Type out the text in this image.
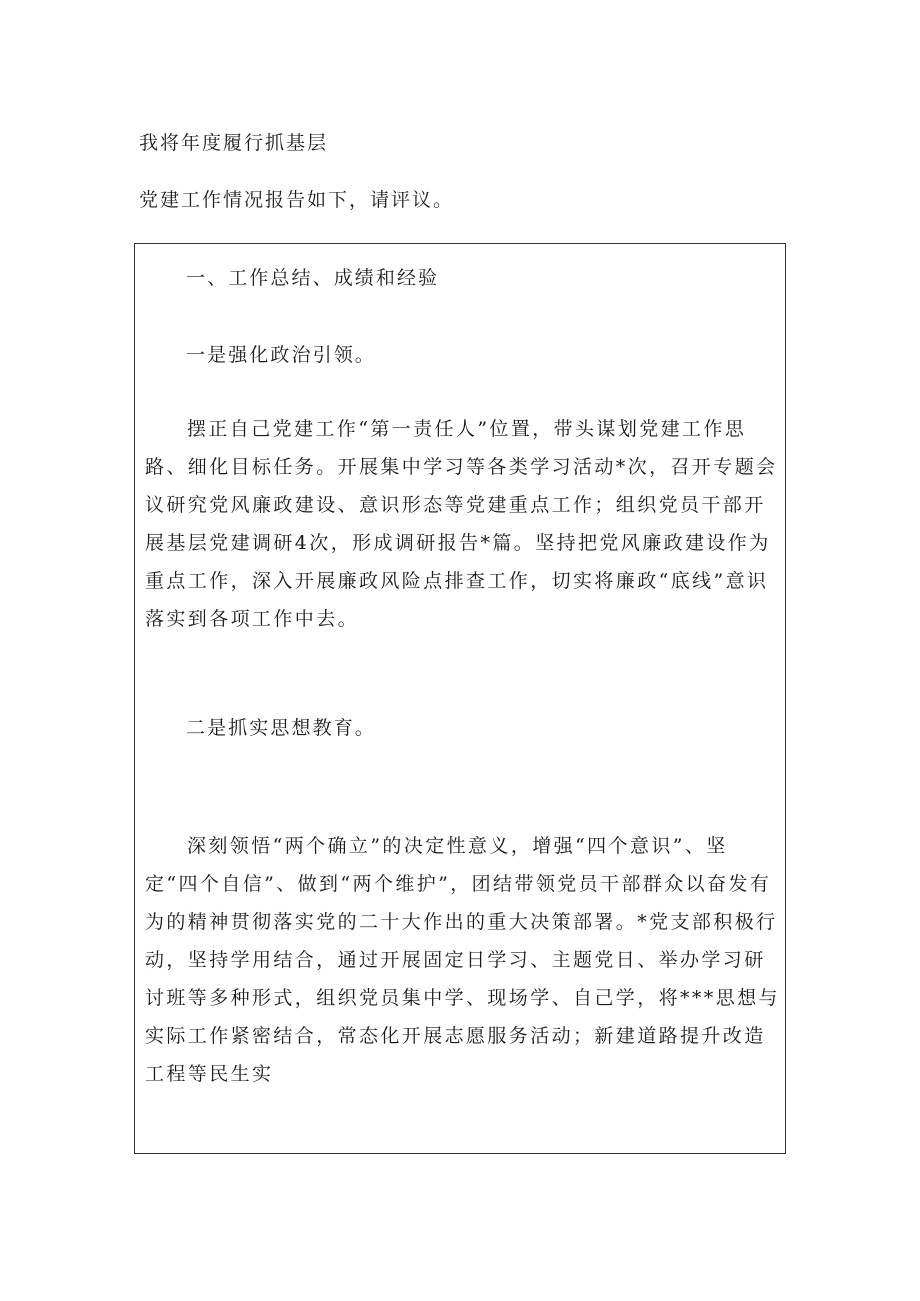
我将年度履行抓基层
党建工作情况报告如下，请评议。
一、工作总结、成绩和经验
一是强化政治引领。
摆正自己党建工作“第一责任人”位置，带头谋划党建工作思路、细化目标任务。开展集中学习等各类学习活动*次，召开专题会议研究党风廉政建设、意识形态等党建重点工作；组织党员干部开展基层党建调研4次，形成调研报告*篇。坚持把党风廉政建设作为重点工作，深入开展廉政风险点排查工作，切实将廉政“底线”意识落实到各项工作中去。
二是抓实思想教育。
深刻领悟“两个确立”的决定性意义，增强“四个意识”、坚定“四个自信”、做到“两个维护”，团结带领党员干部群众以奋发有为的精神贯彻落实党的二十大作出的重大决策部署。*党支部积极行动，坚持学用结合，通过开展固定日学习、主题党日、举办学习研讨班等多种形式，组织党员集中学、现场学、自己学，将***思想与实际工作紧密结合，常态化开展志愿服务活动；新建道路提升改造工程等民生实
